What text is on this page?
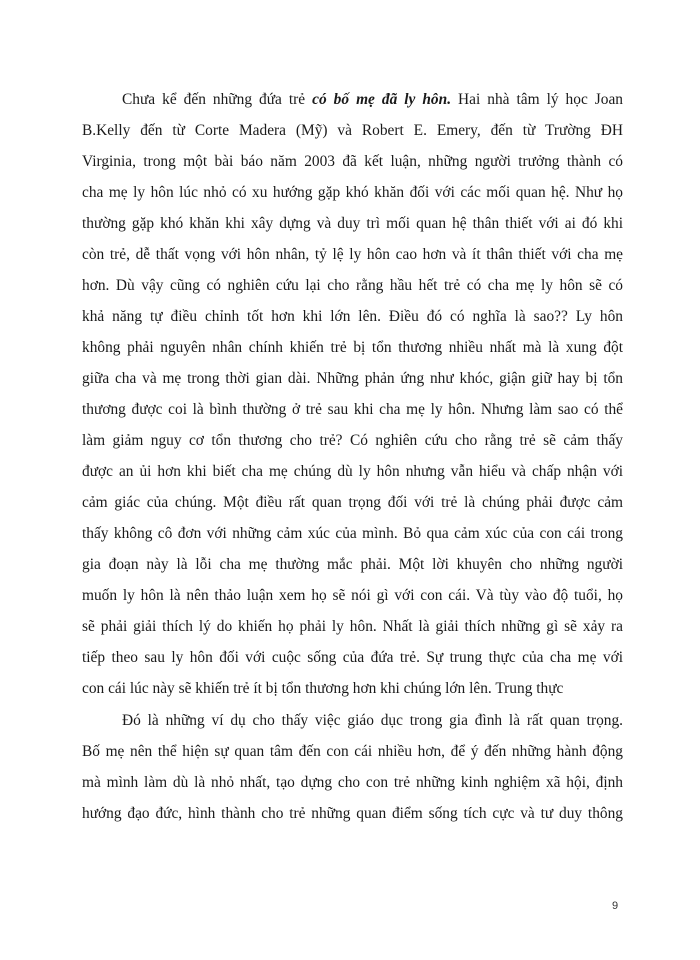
Chưa kể đến những đứa trẻ có bố mẹ đã ly hôn. Hai nhà tâm lý học Joan
B.Kelly đến từ Corte Madera (Mỹ) và Robert E. Emery, đến từ Trường ĐH
Virginia, trong một bài báo năm 2003 đã kết luận, những người trưởng thành có
cha mẹ ly hôn lúc nhỏ có xu hướng gặp khó khăn đối với các mối quan hệ. Như họ
thường gặp khó khăn khi xây dựng và duy trì mối quan hệ thân thiết với ai đó khi
còn trẻ, dễ thất vọng với hôn nhân, tỷ lệ ly hôn cao hơn và ít thân thiết với cha mẹ
hơn. Dù vậy cũng có nghiên cứu lại cho rằng hầu hết trẻ có cha mẹ ly hôn sẽ có
khả năng tự điều chỉnh tốt hơn khi lớn lên. Điều đó có nghĩa là sao?? Ly hôn
không phải nguyên nhân chính khiến trẻ bị tổn thương nhiều nhất mà là xung đột
giữa cha và mẹ trong thời gian dài. Những phản ứng như khóc, giận giữ hay bị tổn
thương được coi là bình thường ở trẻ sau khi cha mẹ ly hôn. Nhưng làm sao có thể
làm giảm nguy cơ tổn thương cho trẻ? Có nghiên cứu cho rằng trẻ sẽ cảm thấy
được an ủi hơn khi biết cha mẹ chúng dù ly hôn nhưng vẫn hiểu và chấp nhận với
cảm giác của chúng. Một điều rất quan trọng đối với trẻ là chúng phải được cảm
thấy không cô đơn với những cảm xúc của mình. Bỏ qua cảm xúc của con cái trong
gia đoạn này là lỗi cha mẹ thường mắc phải. Một lời khuyên cho những người
muốn ly hôn là nên thảo luận xem họ sẽ nói gì với con cái. Và tùy vào độ tuổi, họ
sẽ phải giải thích lý do khiến họ phải ly hôn. Nhất là giải thích những gì sẽ xảy ra
tiếp theo sau ly hôn đối với cuộc sống của đứa trẻ. Sự trung thực của cha mẹ với
con cái lúc này sẽ khiến trẻ ít bị tổn thương hơn khi chúng lớn lên. Trung thực
Đó là những ví dụ cho thấy việc giáo dục trong gia đình là rất quan trọng.
Bố mẹ nên thể hiện sự quan tâm đến con cái nhiều hơn, để ý đến những hành động
mà mình làm dù là nhỏ nhất, tạo dựng cho con trẻ những kinh nghiệm xã hội, định
hướng đạo đức, hình thành cho trẻ những quan điểm sống tích cực và tư duy thông
9
